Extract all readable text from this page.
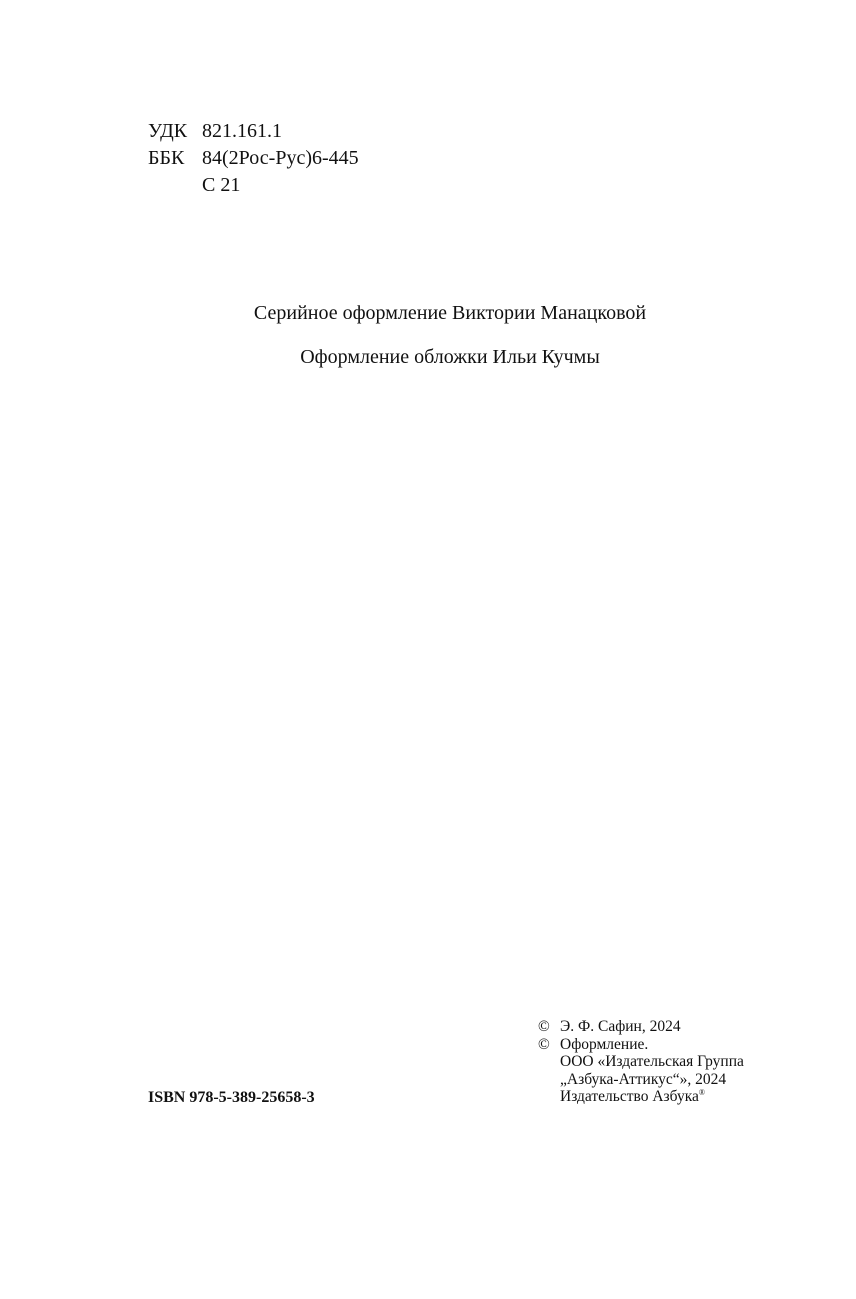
УДК 821.161.1
ББК 84(2Рос-Рус)6-445
С 21
Серийное оформление Виктории Манацковой
Оформление обложки Ильи Кучмы
ISBN 978-5-389-25658-3
© Э. Ф. Сафин, 2024
© Оформление.
ООО «Издательская Группа
„Азбука-Аттикус“», 2024
Издательство Азбука®
